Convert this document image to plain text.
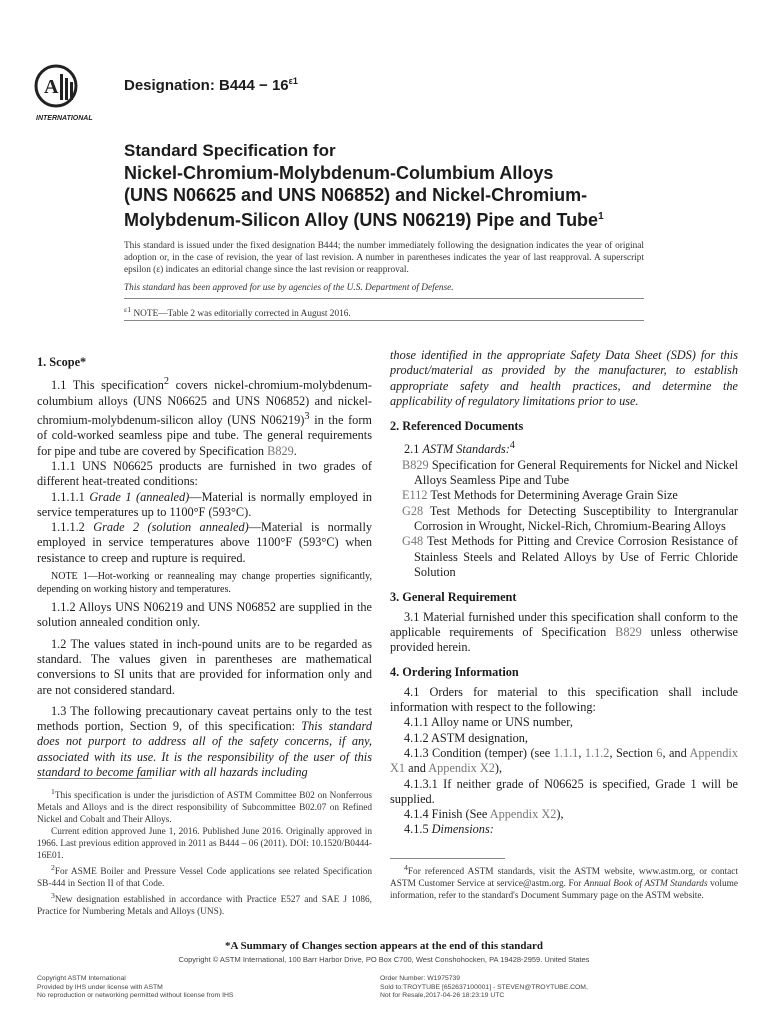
A
INTERNATIONAL
Designation: $B444 - 16^{\varepsilon 1}$
Standard Specification for
Nickel-Chromium-Molybdenum-Columbium Alloys
(UNS N06625 and UNS N06852) and Nickel-Chromium-
Molybdenum-Silicon Alloy (UNS N06219) Pipe and Tube$^1$
This standard is issued under the fixed designation B444; the number immediately following the designation indicates the year of original adoption or, in the case of revision, the year of last revision. A number in parentheses indicates the year of last reapproval. A superscript epsilon (ε) indicates an editorial change since the last revision or reapproval.
This standard has been approved for use by agencies of the U.S. Department of Defense.
$^{\varepsilon 1}$ NOTE—Table 2 was editorially corrected in August 2016.

1. Scope*

1.1 This specification$^2$ covers nickel-chromium-molybdenum-columbium alloys (UNS N06625 and UNS N06852) and nickel-chromium-molybdenum-silicon alloy (UNS N06219)$^3$ in the form of cold-worked seamless pipe and tube. The general requirements for pipe and tube are covered by Specification B829.

1.1.1 UNS N06625 products are furnished in two grades of different heat-treated conditions:

1.1.1.1 Grade 1 (annealed)—Material is normally employed in service temperatures up to 1100°F (593°C).

1.1.1.2 Grade 2 (solution annealed)—Material is normally employed in service temperatures above 1100°F (593°C) when resistance to creep and rupture is required.

NOTE 1—Hot-working or reannealing may change properties significantly, depending on working history and temperatures.

1.1.2 Alloys UNS N06219 and UNS N06852 are supplied in the solution annealed condition only.

1.2 The values stated in inch-pound units are to be regarded as standard. The values given in parentheses are mathematical conversions to SI units that are provided for information only and are not considered standard.

1.3 The following precautionary caveat pertains only to the test methods portion, Section 9, of this specification: This standard does not purport to address all of the safety concerns, if any, associated with its use. It is the responsibility of the user of this standard to become familiar with all hazards including

those identified in the appropriate Safety Data Sheet (SDS) for this product/material as provided by the manufacturer, to establish appropriate safety and health practices, and determine the applicability of regulatory limitations prior to use.

2. Referenced Documents

2.1 ASTM Standards:$^4$

B829 Specification for General Requirements for Nickel and Nickel Alloys Seamless Pipe and Tube

E112 Test Methods for Determining Average Grain Size

G28 Test Methods for Detecting Susceptibility to Intergranular Corrosion in Wrought, Nickel-Rich, Chromium-Bearing Alloys

G48 Test Methods for Pitting and Crevice Corrosion Resistance of Stainless Steels and Related Alloys by Use of Ferric Chloride Solution

3. General Requirement

3.1 Material furnished under this specification shall conform to the applicable requirements of Specification B829 unless otherwise provided herein.

4. Ordering Information

4.1 Orders for material to this specification shall include information with respect to the following:

4.1.1 Alloy name or UNS number,

4.1.2 ASTM designation,

4.1.3 Condition (temper) (see 1.1.1, 1.1.2, Section 6, and Appendix X1 and Appendix X2),

4.1.3.1 If neither grade of N06625 is specified, Grade 1 will be supplied.

4.1.4 Finish (See Appendix X2),

4.1.5 Dimensions:

$^1$This specification is under the jurisdiction of ASTM Committee B02 on Nonferrous Metals and Alloys and is the direct responsibility of Subcommittee B02.07 on Refined Nickel and Cobalt and Their Alloys.

Current edition approved June 1, 2016. Published June 2016. Originally approved in 1966. Last previous edition approved in 2011 as B444 – 06 (2011). DOI: 10.1520/B0444-16E01.

$^2$For ASME Boiler and Pressure Vessel Code applications see related Specification SB-444 in Section II of that Code.

$^3$New designation established in accordance with Practice E527 and SAE J 1086, Practice for Numbering Metals and Alloys (UNS).

$^4$For referenced ASTM standards, visit the ASTM website, www.astm.org, or contact ASTM Customer Service at service@astm.org. For Annual Book of ASTM Standards volume information, refer to the standard's Document Summary page on the ASTM website.

*A Summary of Changes section appears at the end of this standard
Copyright © ASTM International, 100 Barr Harbor Drive, PO Box C700, West Conshohocken, PA 19428-2959. United States
Copyright ASTM International
Provided by IHS under license with ASTM
No reproduction or networking permitted without license from IHS
Order Number: W1975739
Sold to:TROYTUBE [652637100001] - STEVEN@TROYTUBE.COM,
Not for Resale,2017-04-26 18:23:19 UTC
